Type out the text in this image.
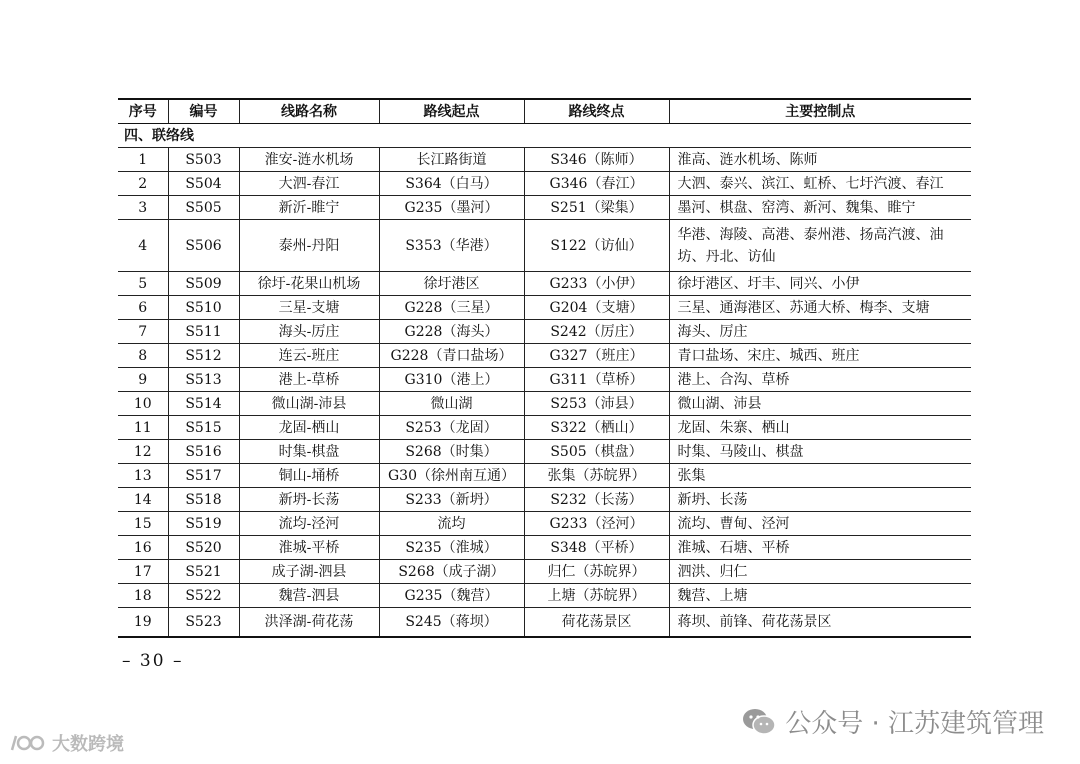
序号	编号	线路名称	路线起点	路线终点	主要控制点
四、联络线					
1	S503	淮安-涟水机场	长江路街道	S346（陈师）	淮高、涟水机场、陈师
2	S504	大泗-春江	S364（白马）	G346（春江）	大泗、泰兴、滨江、虹桥、七圩汽渡、春江
3	S505	新沂-睢宁	G235（墨河）	S251（梁集）	墨河、棋盘、窑湾、新河、魏集、睢宁
4	S506	泰州-丹阳	S353（华港）	S122（访仙）	华港、海陵、高港、泰州港、扬高汽渡、油坊、丹北、访仙
5	S509	徐圩-花果山机场	徐圩港区	G233（小伊）	徐圩港区、圩丰、同兴、小伊
6	S510	三星-支塘	G228（三星）	G204（支塘）	三星、通海港区、苏通大桥、梅李、支塘
7	S511	海头-厉庄	G228（海头）	S242（厉庄）	海头、厉庄
8	S512	连云-班庄	G228（青口盐场）	G327（班庄）	青口盐场、宋庄、城西、班庄
9	S513	港上-草桥	G310（港上）	G311（草桥）	港上、合沟、草桥
10	S514	微山湖-沛县	微山湖	S253（沛县）	微山湖、沛县
11	S515	龙固-栖山	S253（龙固）	S322（栖山）	龙固、朱寨、栖山
12	S516	时集-棋盘	S268（时集）	S505（棋盘）	时集、马陵山、棋盘
13	S517	铜山-埇桥	G30（徐州南互通）	张集（苏皖界）	张集
14	S518	新坍-长荡	S233（新坍）	S232（长荡）	新坍、长荡
15	S519	流均-泾河	流均	G233（泾河）	流均、曹甸、泾河
16	S520	淮城-平桥	S235（淮城）	S348（平桥）	淮城、石塘、平桥
17	S521	成子湖-泗县	S268（成子湖）	归仁（苏皖界）	泗洪、归仁
18	S522	魏营-泗县	G235（魏营）	上塘（苏皖界）	魏营、上塘
19	S523	洪泽湖-荷花荡	S245（蒋坝）	荷花荡景区	蒋坝、前锋、荷花荡景区
– 30 –
公众号 · 江苏建筑管理
大数跨境
